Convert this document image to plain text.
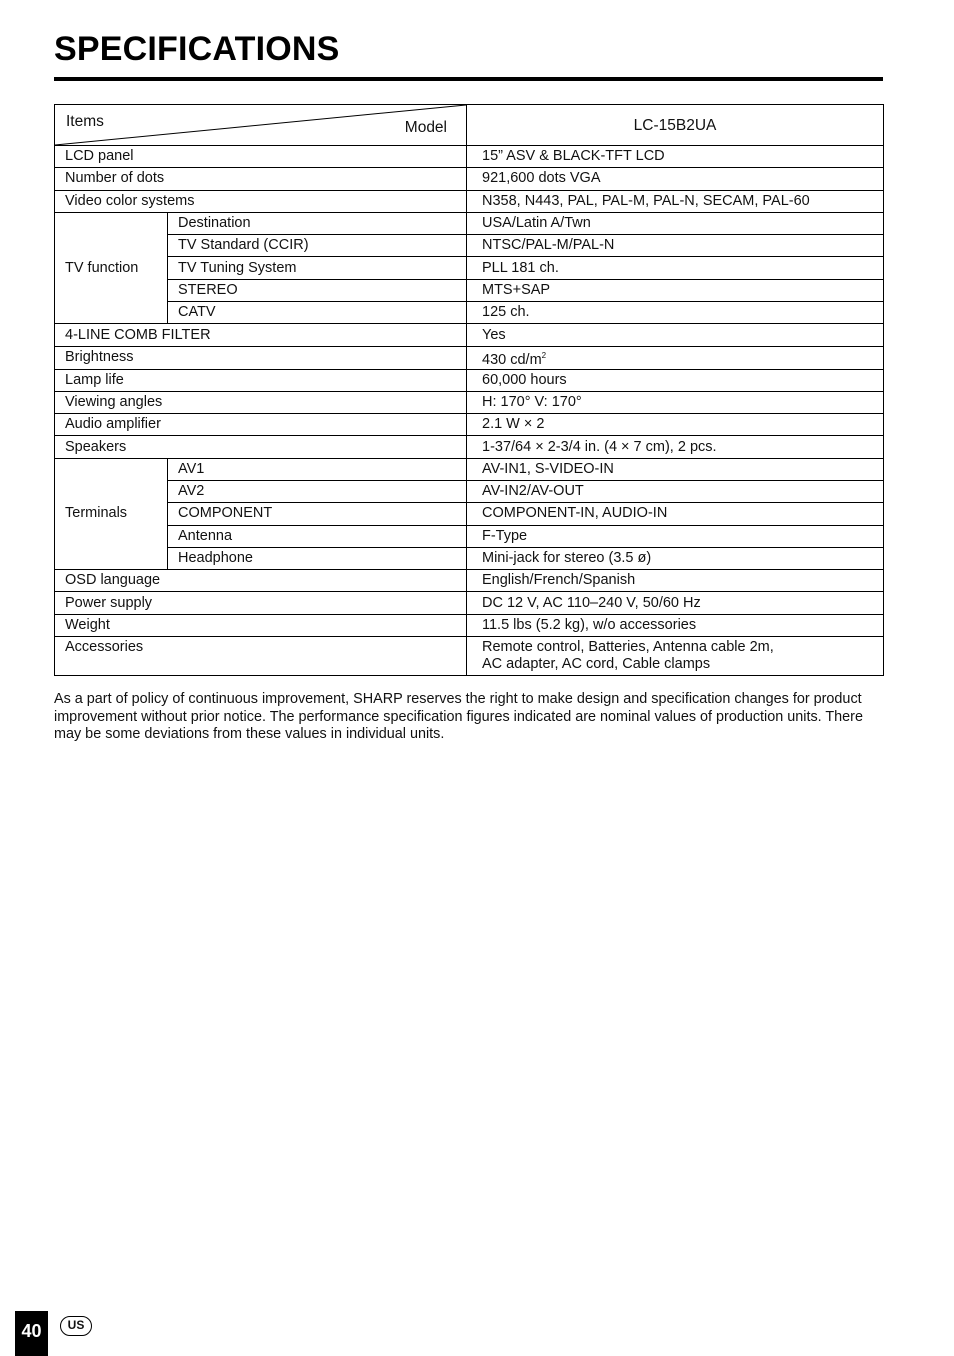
SPECIFICATIONS
Items Model		LC-15B2UA
LCD panel		15” ASV & BLACK-TFT LCD
Number of dots		921,600 dots VGA
Video color systems		N358, N443, PAL, PAL-M, PAL-N, SECAM, PAL-60
TV function	Destination	USA/Latin A/Twn
	TV Standard (CCIR)	NTSC/PAL-M/PAL-N
	TV Tuning System	PLL 181 ch.
	STEREO	MTS+SAP
	CATV	125 ch.
4-LINE COMB FILTER		Yes
Brightness		430 $cd/m^2$
Lamp life		60,000 hours
Viewing angles		H: 170° V: 170°
Audio amplifier		2.1 W × 2
Speakers		1-37/64 × 2-3/4 in. (4 × 7 cm), 2 pcs.
Terminals	AV1	AV-IN1, S-VIDEO-IN
	AV2	AV-IN2/AV-OUT
	COMPONENT	COMPONENT-IN, AUDIO-IN
	Antenna	F-Type
	Headphone	Mini-jack for stereo (3.5 ø)
OSD language		English/French/Spanish
Power supply		DC 12 V, AC 110–240 V, 50/60 Hz
Weight		11.5 lbs (5.2 kg), w/o accessories
Accessories		Remote control, Batteries, Antenna cable 2m,
AC adapter, AC cord, Cable clamps

As a part of policy of continuous improvement, SHARP reserves the right to make design and specification changes for product improvement without prior notice. The performance specification figures indicated are nominal values of production units. There may be some deviations from these values in individual units.

40	US
